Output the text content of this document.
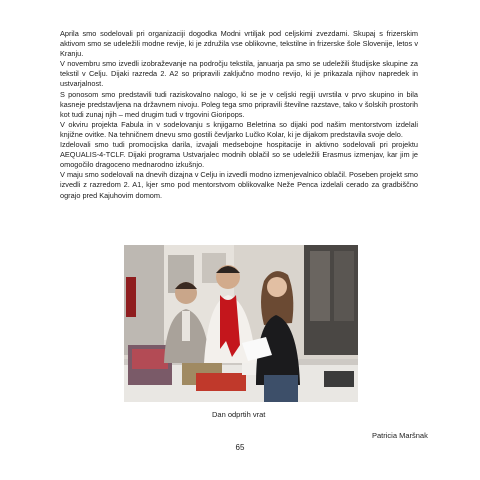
Aprila smo sodelovali pri organizaciji dogodka Modni vrtiljak pod celjskimi zvezdami. Skupaj s frizerskim aktivom smo se udeležili modne revije, ki je združila vse oblikovne, tekstilne in frizerske šole Slovenije, letos v Kranju.

V novembru smo izvedli izobraževanje na področju tekstila, januarja pa smo se udeležili študijske skupine za tekstil v Celju. Dijaki razreda 2. A2 so pripravili zaključno modno revijo, ki je prikazala njihov napredek in ustvarjalnost.

S ponosom smo predstavili tudi raziskovalno nalogo, ki se je v celjski regiji uvrstila v prvo skupino in bila kasneje predstavljena na državnem nivoju. Poleg tega smo pripravili številne razstave, tako v šolskih prostorih kot tudi zunaj njih – med drugim tudi v trgovini Gioripops.

V okviru projekta Fabula in v sodelovanju s knjigarno Beletrina so dijaki pod našim mentorstvom izdelali knjižne ovitke. Na tehničnem dnevu smo gostili čevljarko Lučko Kolar, ki je dijakom predstavila svoje delo.

Izdelovali smo tudi promocijska darila, izvajali medsebojne hospitacije in aktivno sodelovali pri projektu AEQUALIS-4-TCLF. Dijaki programa Ustvarjalec modnih oblačil so se udeležili Erasmus izmenjav, kar jim je omogočilo dragoceno mednarodno izkušnjo.

V maju smo sodelovali na dnevih dizajna v Celju in izvedli modno izmenjevalnico oblačil. Poseben projekt smo izvedli z razredom 2. A1, kjer smo pod mentorstvom oblikovalke Neže Penca izdelali cerado za gradbiščno ograjo pred Kajuhovim domom.

Dan odprtih vrat
Patricia Maršnak
65
